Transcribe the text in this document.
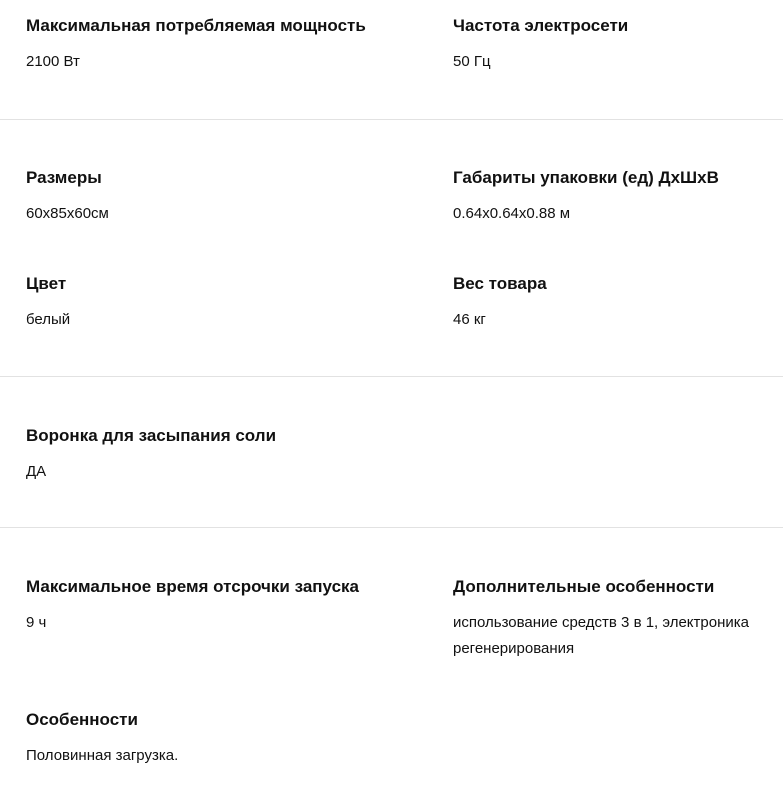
Максимальная потребляемая мощность
2100 Вт
Частота электросети
50 Гц
Размеры
60x85x60см
Габариты упаковки (ед) ДхШхВ
0.64x0.64x0.88 м
Цвет
белый
Вес товара
46 кг
Воронка для засыпания соли
ДА
Максимальное время отсрочки запуска
9 ч
Дополнительные особенности
использование средств 3 в 1, электроника регенерирования
Особенности
Половинная загрузка.
